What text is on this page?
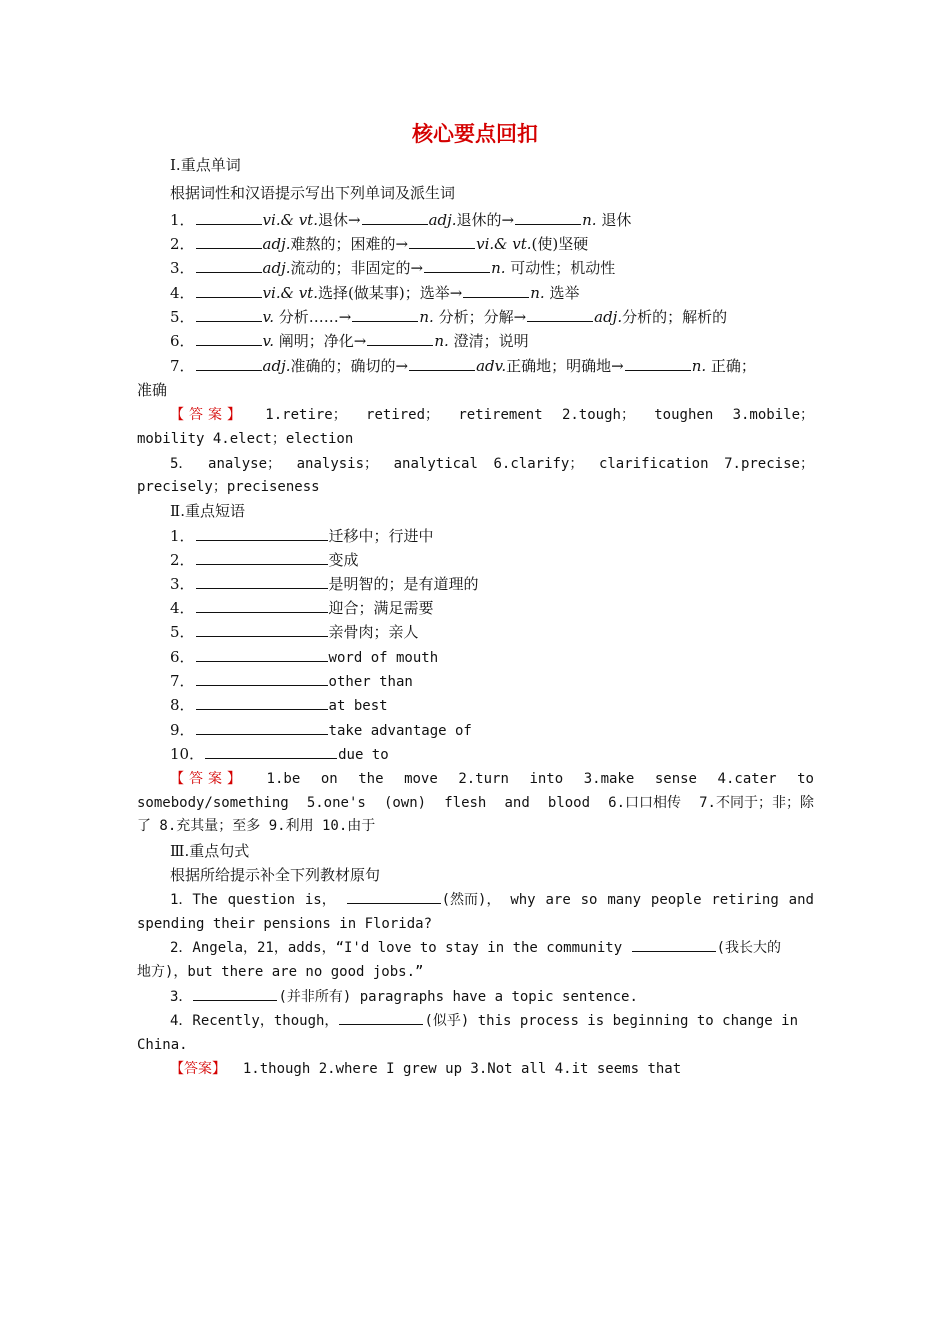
核心要点回扣
Ⅰ.重点单词
根据词性和汉语提示写出下列单词及派生词
1．	vi.& vt.退休→	adj.退休的→	n. 退休
2．	adj.难熬的；困难的→	vi.& vt.(使)坚硬
3．	adj.流动的；非固定的→	n. 可动性；机动性
4．	vi.& vt.选择(做某事)；选举→	n. 选举
5．	v. 分析……→	n. 分析；分解→	adj.分析的；解析的
6．	v. 阐明；净化→	n. 澄清；说明
7．	adj.准确的；确切的→	adv.正确地；明确地→	n. 正确；
准确
【答案】 1.retire； retired； retirement 2.tough； toughen 3.mobile；
mobility 4.elect；election
5． analyse； analysis； analytical 6.clarify； clarification 7.precise；
precisely；preciseness
Ⅱ.重点短语
1．	迁移中；行进中
2．	变成
3．	是明智的；是有道理的
4．	迎合；满足需要
5．	亲骨肉；亲人
6．	word of mouth
7．	other than
8．	at best
9．	take advantage of
10．	due to
【答案】 1.be on the move 2.turn into 3.make sense 4.cater to
somebody/something 5.one's (own) flesh and blood 6.口口相传 7.不同于；非；除
了 8.充其量；至多 9.利用 10.由于
Ⅲ.重点句式
根据所给提示补全下列教材原句
1．The question is，	(然而)， why are so many people retiring and
spending their pensions in Florida?
2．Angela，21，adds，“I'd love to stay in the community	(我长大的
地方)，but there are no good jobs.”
3．	(并非所有) paragraphs have a topic sentence.
4．Recently，though，	(似乎) this process is beginning to change in
China.
【答案】 1.though 2.where I grew up 3.Not all 4.it seems that
